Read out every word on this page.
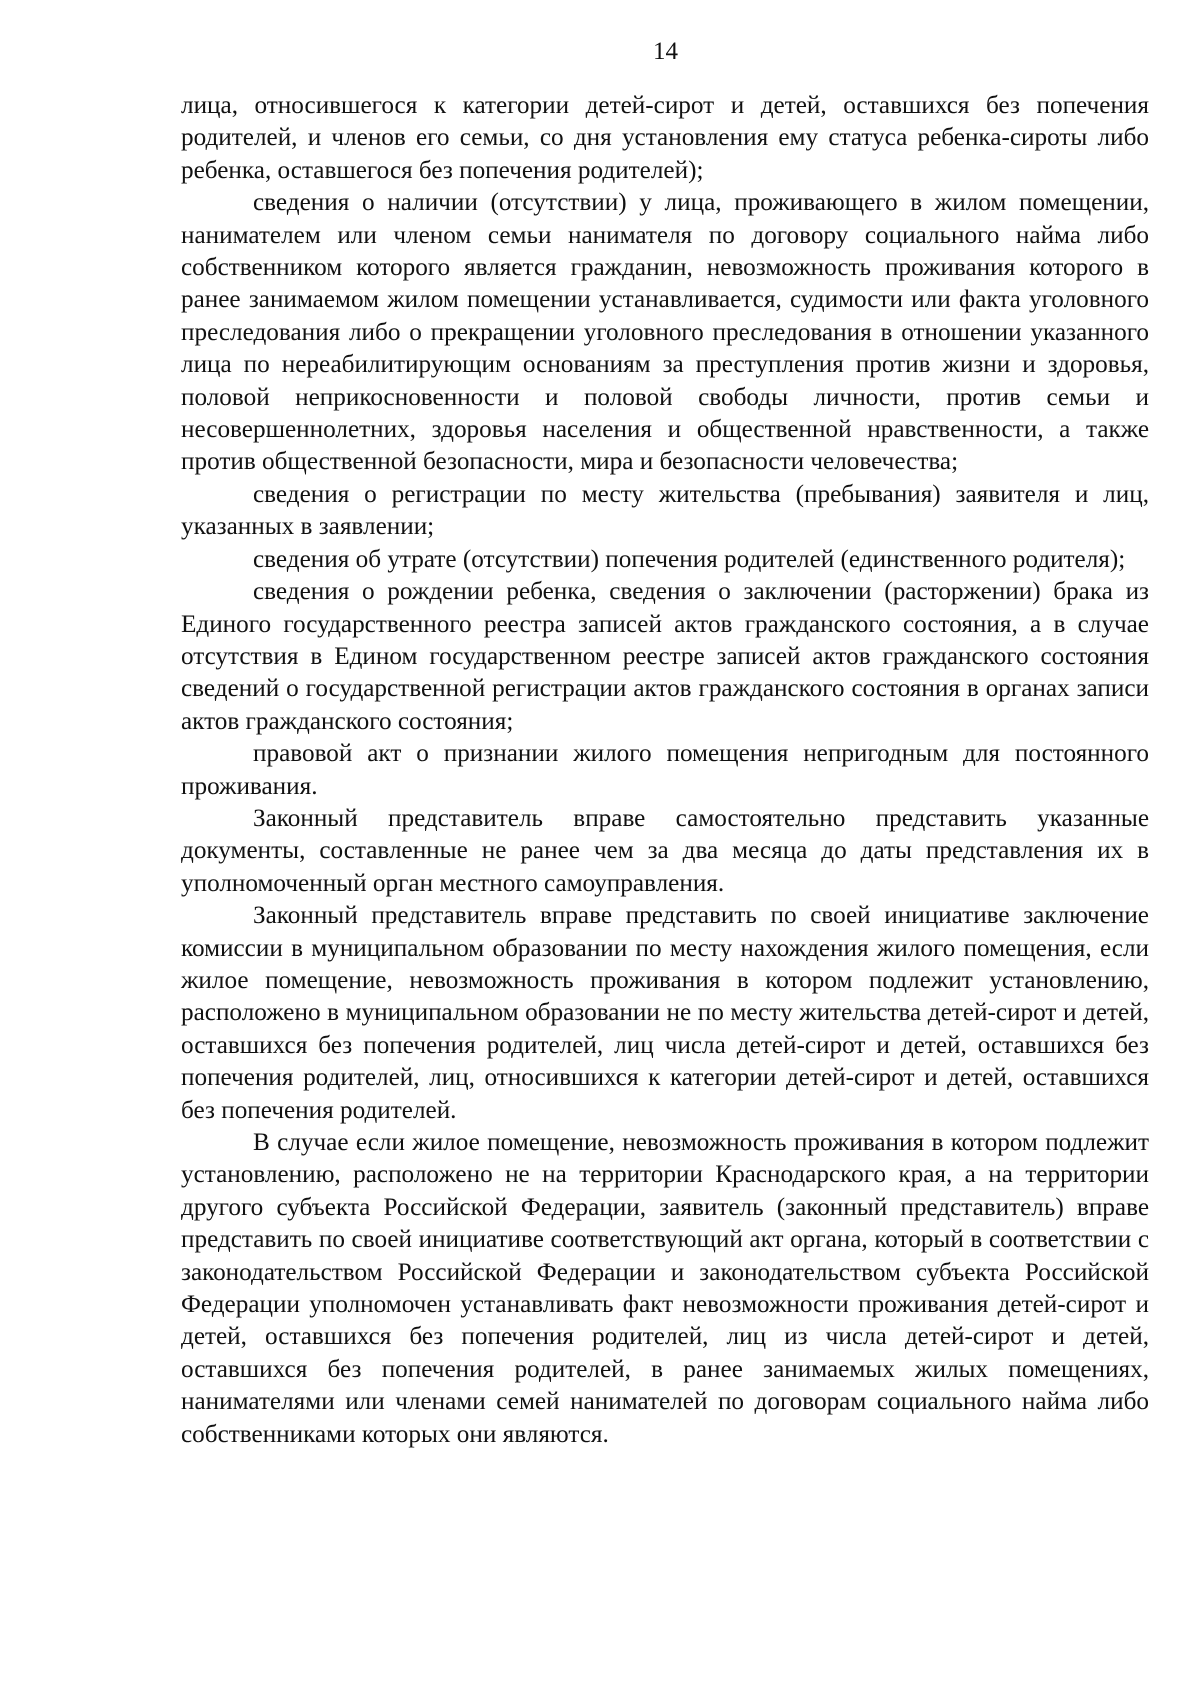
14

лица, относившегося к категории детей-сирот и детей, оставшихся без попечения родителей, и членов его семьи, со дня установления ему статуса ребенка-сироты либо ребенка, оставшегося без попечения родителей);

сведения о наличии (отсутствии) у лица, проживающего в жилом помещении, нанимателем или членом семьи нанимателя по договору социального найма либо собственником которого является гражданин, невозможность проживания которого в ранее занимаемом жилом помещении устанавливается, судимости или факта уголовного преследования либо о прекращении уголовного преследования в отношении указанного лица по нереабилитирующим основаниям за преступления против жизни и здоровья, половой неприкосновенности и половой свободы личности, против семьи и несовершеннолетних, здоровья населения и общественной нравственности, а также против общественной безопасности, мира и безопасности человечества;

сведения о регистрации по месту жительства (пребывания) заявителя и лиц, указанных в заявлении;

сведения об утрате (отсутствии) попечения родителей (единственного родителя);

сведения о рождении ребенка, сведения о заключении (расторжении) брака из Единого государственного реестра записей актов гражданского состояния, а в случае отсутствия в Едином государственном реестре записей актов гражданского состояния сведений о государственной регистрации актов гражданского состояния в органах записи актов гражданского состояния;

правовой акт о признании жилого помещения непригодным для постоянного проживания.

Законный представитель вправе самостоятельно представить указанные документы, составленные не ранее чем за два месяца до даты представления их в уполномоченный орган местного самоуправления.

Законный представитель вправе представить по своей инициативе заключение комиссии в муниципальном образовании по месту нахождения жилого помещения, если жилое помещение, невозможность проживания в котором подлежит установлению, расположено в муниципальном образовании не по месту жительства детей-сирот и детей, оставшихся без попечения родителей, лиц числа детей-сирот и детей, оставшихся без попечения родителей, лиц, относившихся к категории детей-сирот и детей, оставшихся без попечения родителей.

В случае если жилое помещение, невозможность проживания в котором подлежит установлению, расположено не на территории Краснодарского края, а на территории другого субъекта Российской Федерации, заявитель (законный представитель) вправе представить по своей инициативе соответствующий акт органа, который в соответствии с законодательством Российской Федерации и законодательством субъекта Российской Федерации уполномочен устанавливать факт невозможности проживания детей-сирот и детей, оставшихся без попечения родителей, лиц из числа детей-сирот и детей, оставшихся без попечения родителей, в ранее занимаемых жилых помещениях, нанимателями или членами семей нанимателей по договорам социального найма либо собственниками которых они являются.
